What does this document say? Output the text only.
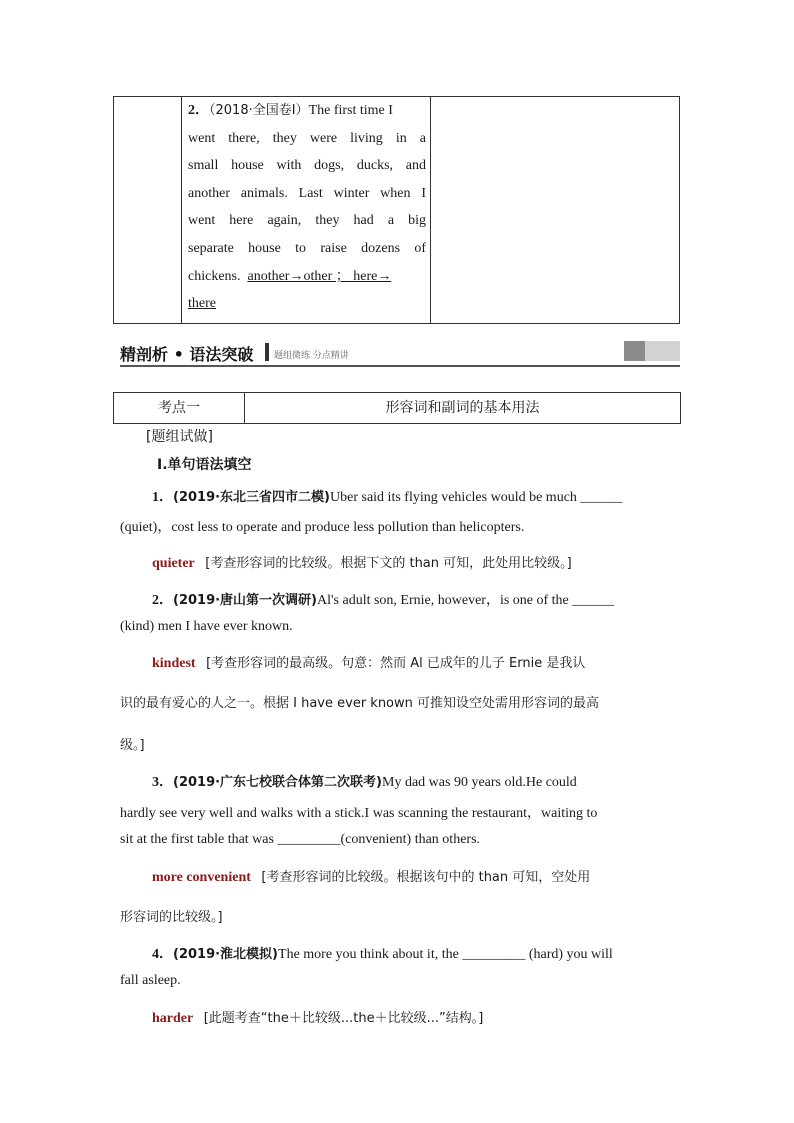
2．（2018·全国卷Ⅰ）The first time I
went there, they were living in a
small house with dogs, ducks, and
another animals. Last winter when I
went here again, they had a big
separate house to raise dozens of
chickens. another→other ； here→
there
精剖析 • 语法突破 题组微练 分点精讲
考点一	形容词和副词的基本用法
[题组试做]
Ⅰ.单句语法填空
1．(2019·东北三省四市二模)Uber said its flying vehicles would be much ______
(quiet)，cost less to operate and produce less pollution than helicopters.
quieter [考查形容词的比较级。根据下文的 than 可知，此处用比较级。]
2．(2019·唐山第一次调研)Al's adult son, Ernie, however，is one of the ______
(kind) men I have ever known.
kindest [考查形容词的最高级。句意：然而 Al 已成年的儿子 Ernie 是我认
识的最有爱心的人之一。根据 I have ever known 可推知设空处需用形容词的最高
级。]
3．(2019·广东七校联合体第二次联考)My dad was 90 years old.He could
hardly see very well and walks with a stick.I was scanning the restaurant，waiting to
sit at the first table that was _________(convenient) than others.
more convenient [考查形容词的比较级。根据该句中的 than 可知，空处用
形容词的比较级。]
4．(2019·淮北模拟)The more you think about it, the _________ (hard) you will
fall asleep.
harder [此题考查“the＋比较级...the＋比较级...”结构。]
